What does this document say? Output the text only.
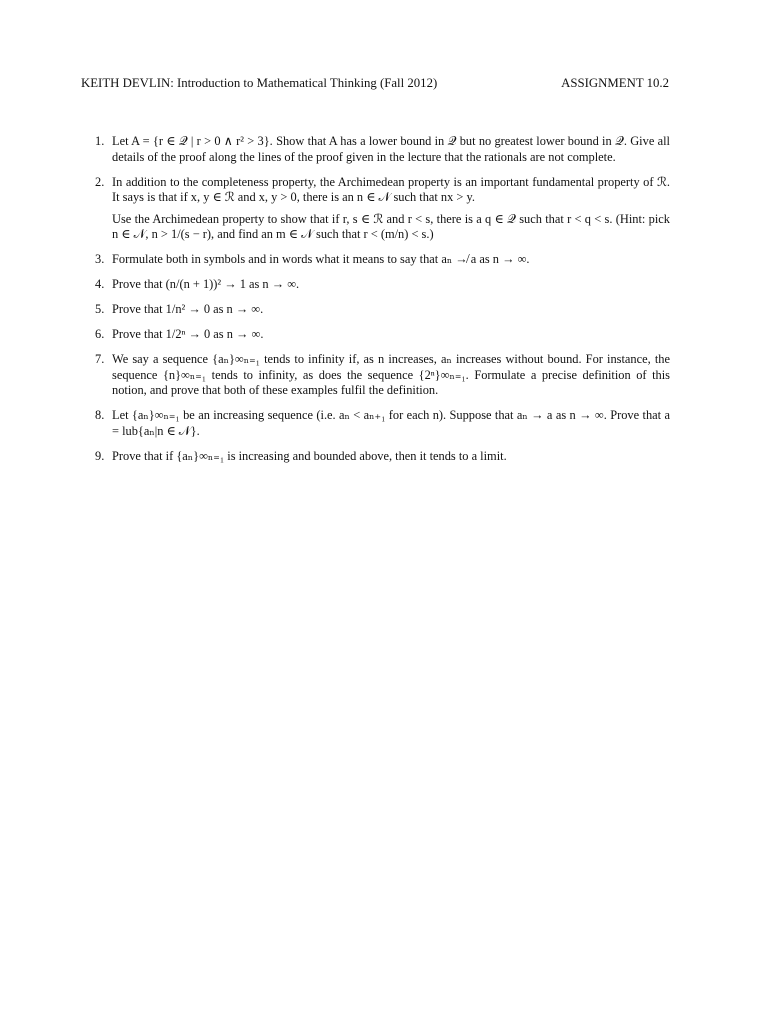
KEITH DEVLIN: Introduction to Mathematical Thinking (Fall 2012)	ASSIGNMENT 10.2
1. Let A = {r ∈ 𝒬 | r > 0 ∧ r² > 3}. Show that A has a lower bound in 𝒬 but no greatest lower bound in 𝒬. Give all details of the proof along the lines of the proof given in the lecture that the rationals are not complete.

2. In addition to the completeness property, the Archimedean property is an important fundamental property of ℛ. It says is that if x, y ∈ ℛ and x, y > 0, there is an n ∈ 𝒩 such that nx > y.

Use the Archimedean property to show that if r, s ∈ ℛ and r < s, there is a q ∈ 𝒬 such that r < q < s. (Hint: pick n ∈ 𝒩, n > 1/(s − r), and find an m ∈ 𝒩 such that r < (m/n) < s.)

3. Formulate both in symbols and in words what it means to say that aₙ ↛ a as n → ∞.

4. Prove that (n/(n + 1))² → 1 as n → ∞.

5. Prove that 1/n² → 0 as n → ∞.

6. Prove that 1/2ⁿ → 0 as n → ∞.

7. We say a sequence {aₙ}∞ₙ₌₁ tends to infinity if, as n increases, aₙ increases without bound. For instance, the sequence {n}∞ₙ₌₁ tends to infinity, as does the sequence {2ⁿ}∞ₙ₌₁. Formulate a precise definition of this notion, and prove that both of these examples fulfil the definition.

8. Let {aₙ}∞ₙ₌₁ be an increasing sequence (i.e. aₙ < aₙ₊₁ for each n). Suppose that aₙ → a as n → ∞. Prove that a = lub{aₙ|n ∈ 𝒩}.

9. Prove that if {aₙ}∞ₙ₌₁ is increasing and bounded above, then it tends to a limit.
